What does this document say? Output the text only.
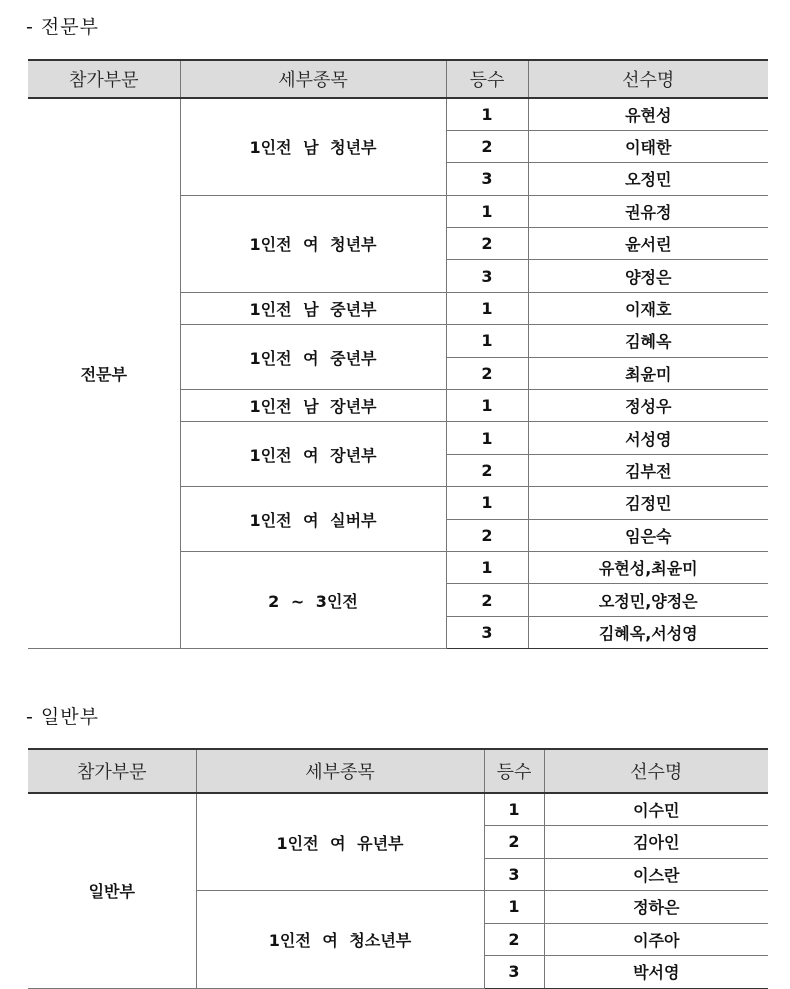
- 전문부
참가부문	세부종목	등수	선수명
전문부	1인전 남 청년부	1	유현성
		2	이태한
		3	오정민
	1인전 여 청년부	1	권유정
		2	윤서린
		3	양정은
	1인전 남 중년부	1	이재호
	1인전 여 중년부	1	김혜옥
		2	최윤미
	1인전 남 장년부	1	정성우
	1인전 여 장년부	1	서성영
		2	김부전
	1인전 여 실버부	1	김정민
		2	임은숙
	2 ~ 3인전	1	유현성,최윤미
		2	오정민,양정은
		3	김혜옥,서성영
- 일반부
참가부문	세부종목	등수	선수명
일반부	1인전 여 유년부	1	이수민
		2	김아인
		3	이스란
	1인전 여 청소년부	1	정하은
		2	이주아
		3	박서영
